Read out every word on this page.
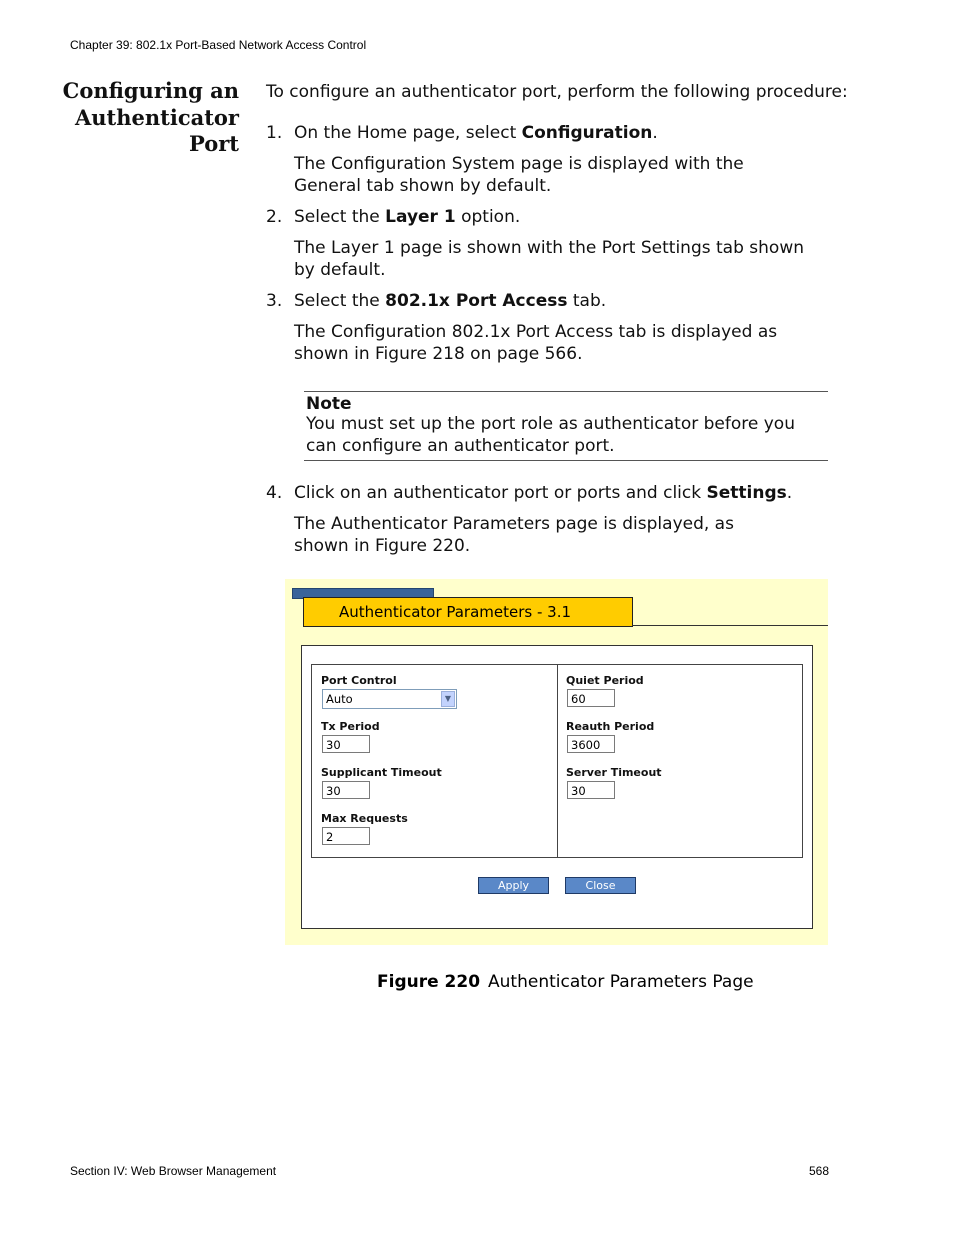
Chapter 39: 802.1x Port-Based Network Access Control
Configuring an
Authenticator
Port
To configure an authenticator port, perform the following procedure:
1. On the Home page, select Configuration.
The Configuration System page is displayed with the General tab shown by default.
2. Select the Layer 1 option.
The Layer 1 page is shown with the Port Settings tab shown by default.
3. Select the 802.1x Port Access tab.
The Configuration 802.1x Port Access tab is displayed as shown in Figure 218 on page 566.
Note
You must set up the port role as authenticator before you can configure an authenticator port.
4. Click on an authenticator port or ports and click Settings.
The Authenticator Parameters page is displayed, as shown in Figure 220.
Authenticator Parameters - 3.1
Port Control
Auto	▼
Tx Period
30
Supplicant Timeout
30
Max Requests
2
Quiet Period
60
Reauth Period
3600
Server Timeout
30
Apply	Close
Figure 220 Authenticator Parameters Page
Section IV: Web Browser Management	568
